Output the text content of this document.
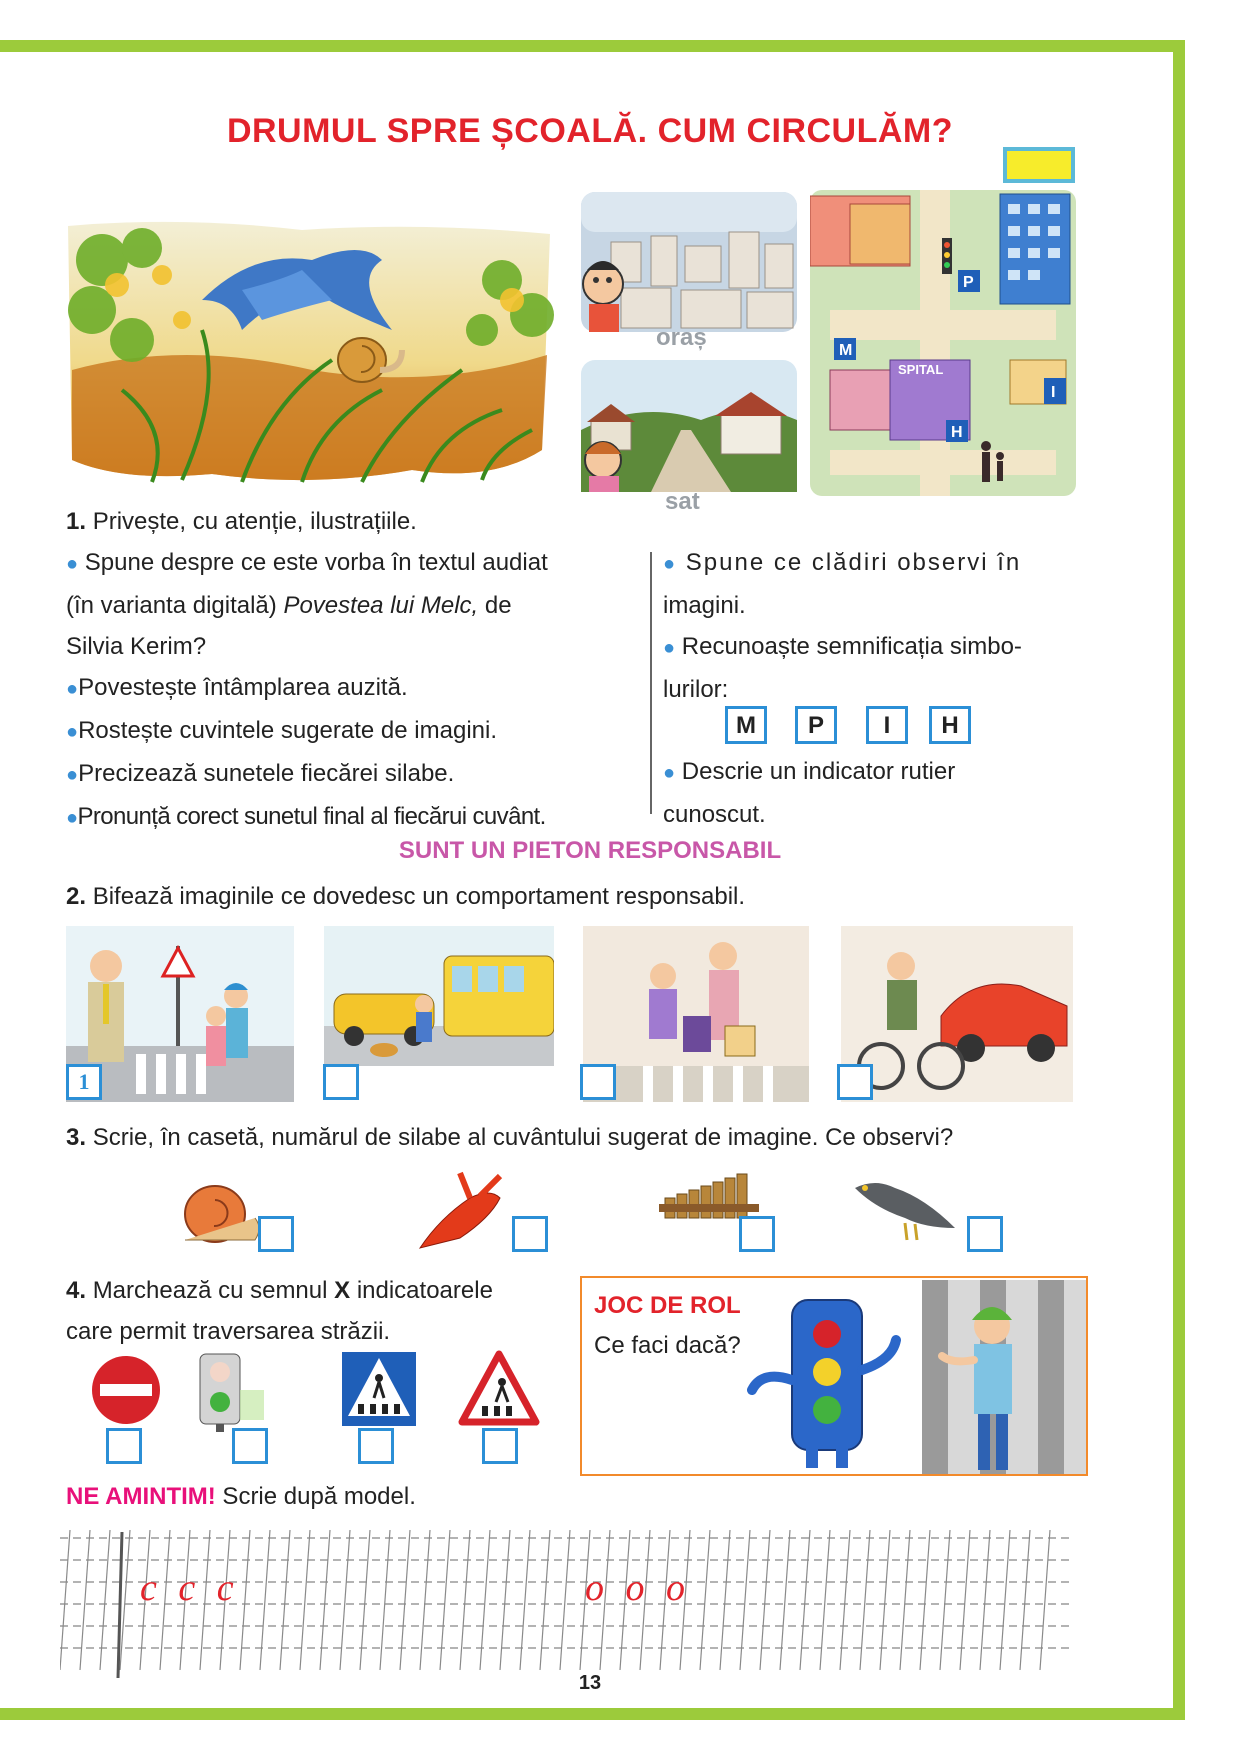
DRUMUL SPRE ȘCOALĂ. CUM CIRCULĂM?
oraș
sat
SPITAL
P
M
I
H
1. Privește, cu atenție, ilustrațiile.
● Spune despre ce este vorba în textul audiat
(în varianta digitală) Povestea lui Melc, de
Silvia Kerim?
●Povestește întâmplarea auzită.
●Rostește cuvintele sugerate de imagini.
●Precizează sunetele fiecărei silabe.
●Pronunță corect sunetul final al fiecărui cuvânt.
● Spune ce clădiri observi în
imagini.
● Recunoaște semnificația simbo-
lurilor:
● Descrie un indicator rutier
cunoscut.
M	P	I	H
SUNT UN PIETON RESPONSABIL
2. Bifează imaginile ce dovedesc un comportament responsabil.
1
3. Scrie, în casetă, numărul de silabe al cuvântului sugerat de imagine. Ce observi?
4. Marchează cu semnul X indicatoarele
care permit traversarea străzii.
JOC DE ROL
Ce faci dacă?
NE AMINTIM! Scrie după model.
c c c	o o o
13
